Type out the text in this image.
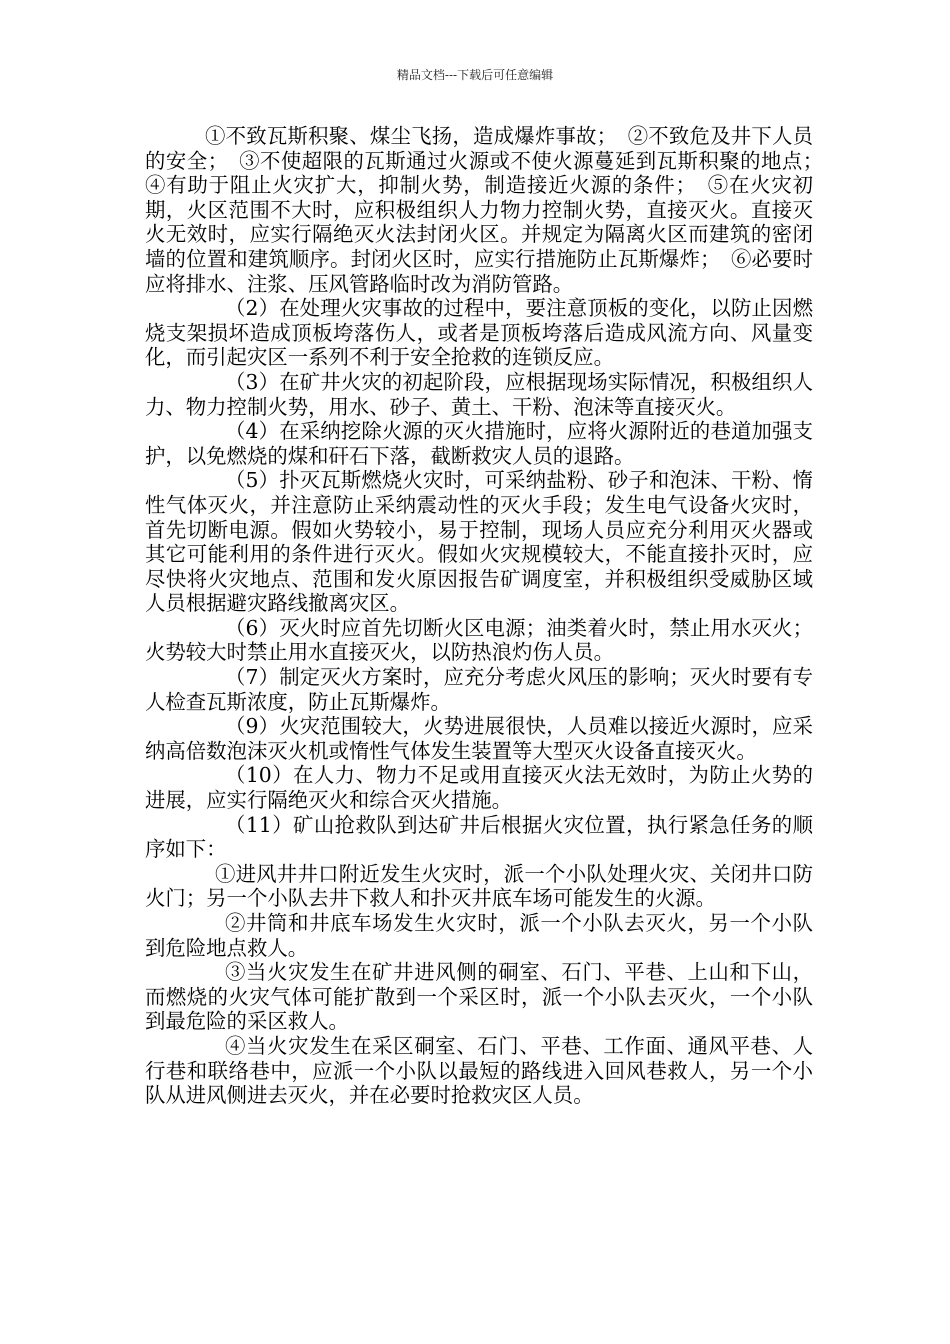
精品文档---下载后可任意编辑

①不致瓦斯积聚、煤尘飞扬，造成爆炸事故；　②不致危及井下人员的安全；　③不使超限的瓦斯通过火源或不使火源蔓延到瓦斯积聚的地点；　④有助于阻止火灾扩大，抑制火势，制造接近火源的条件；　⑤在火灾初期，火区范围不大时，应积极组织人力物力控制火势，直接灭火。直接灭火无效时，应实行隔绝灭火法封闭火区。并规定为隔离火区而建筑的密闭墙的位置和建筑顺序。封闭火区时，应实行措施防止瓦斯爆炸；　⑥必要时应将排水、注浆、压风管路临时改为消防管路。

（2）在处理火灾事故的过程中，要注意顶板的变化，以防止因燃烧支架损坏造成顶板垮落伤人，或者是顶板垮落后造成风流方向、风量变化，而引起灾区一系列不利于安全抢救的连锁反应。

（3）在矿井火灾的初起阶段，应根据现场实际情况，积极组织人力、物力控制火势，用水、砂子、黄土、干粉、泡沫等直接灭火。

（4）在采纳挖除火源的灭火措施时，应将火源附近的巷道加强支护，以免燃烧的煤和矸石下落，截断救灾人员的退路。

（5）扑灭瓦斯燃烧火灾时，可采纳盐粉、砂子和泡沫、干粉、惰性气体灭火，并注意防止采纳震动性的灭火手段；发生电气设备火灾时，首先切断电源。假如火势较小，易于控制，现场人员应充分利用灭火器或其它可能利用的条件进行灭火。假如火灾规模较大，不能直接扑灭时，应尽快将火灾地点、范围和发火原因报告矿调度室，并积极组织受威胁区域人员根据避灾路线撤离灾区。

（6）灭火时应首先切断火区电源；油类着火时，禁止用水灭火；火势较大时禁止用水直接灭火，以防热浪灼伤人员。

（7）制定灭火方案时，应充分考虑火风压的影响；灭火时要有专人检查瓦斯浓度，防止瓦斯爆炸。

（9）火灾范围较大，火势进展很快，人员难以接近火源时，应采纳高倍数泡沫灭火机或惰性气体发生装置等大型灭火设备直接灭火。

（10）在人力、物力不足或用直接灭火法无效时，为防止火势的进展，应实行隔绝灭火和综合灭火措施。

（11）矿山抢救队到达矿井后根据火灾位置，执行紧急任务的顺序如下：

①进风井井口附近发生火灾时，派一个小队处理火灾、关闭井口防火门；另一个小队去井下救人和扑灭井底车场可能发生的火源。

②井筒和井底车场发生火灾时，派一个小队去灭火，另一个小队到危险地点救人。

③当火灾发生在矿井进风侧的硐室、石门、平巷、上山和下山，而燃烧的火灾气体可能扩散到一个采区时，派一个小队去灭火，一个小队到最危险的采区救人。

④当火灾发生在采区硐室、石门、平巷、工作面、通风平巷、人行巷和联络巷中，应派一个小队以最短的路线进入回风巷救人，另一个小队从进风侧进去灭火，并在必要时抢救灾区人员。
